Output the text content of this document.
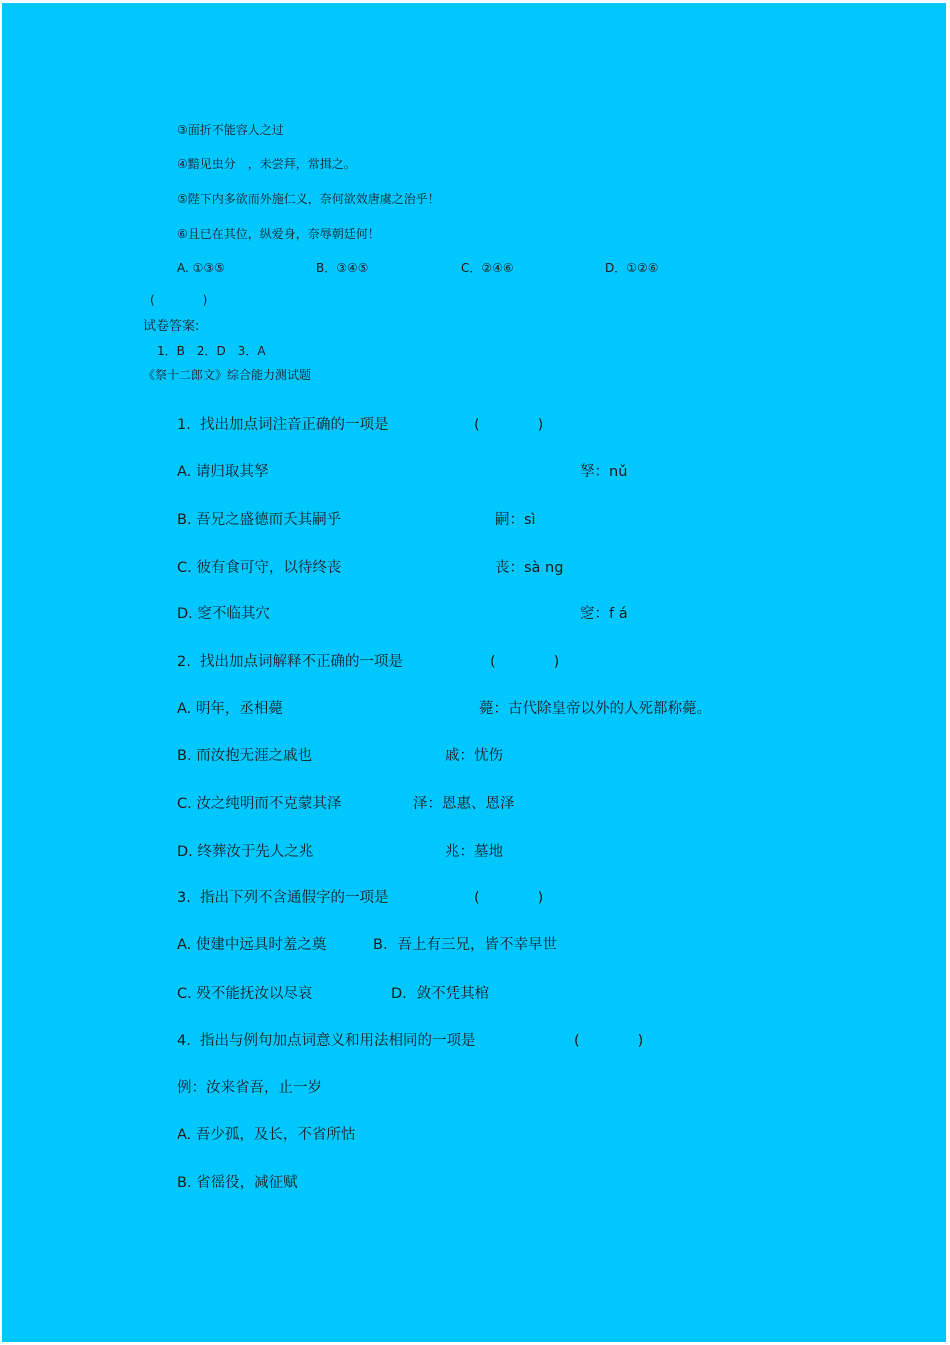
③面折不能容人之过
④黯见虫分　，未尝拜，常揖之。
⑤陛下内多欲而外施仁义，奈何欲效唐虞之治乎！
⑥且已在其位，纵爱身，奈辱朝廷何！
A. ①③⑤	B．③④⑤	C．②④⑥	D．①②⑥
(　　　　)
试卷答案:
1．B　2．D　3．A
《祭十二郎文》综合能力测试题
1.  找出加点词注音正确的一项是	(　　　　)
A. 请归取其孥	孥：nǔ
B. 吾兄之盛德而夭其嗣乎	嗣：sì
C. 彼有食可守，以待终丧	丧：sà ng
D. 窆不临其穴	窆：f á
2.  找出加点词解释不正确的一项是	(　　　　)
A. 明年，丞相薨	薨：古代除皇帝以外的人死都称薨。
B. 而汝抱无涯之戚也	戚：忧伤
C. 汝之纯明而不克蒙其泽	泽：恩惠、恩泽
D. 终葬汝于先人之兆	兆：墓地
3.  指出下列不含通假字的一项是	(　　　　)
A. 使建中远具时羞之奠	B．吾上有三兄，皆不幸早世
C. 殁不能抚汝以尽哀	D．敛不凭其棺
4.  指出与例句加点词意义和用法相同的一项是	(　　　　)
例：汝来省吾，止一岁
A. 吾少孤，及长，不省所怙
B. 省徭役，减征赋
